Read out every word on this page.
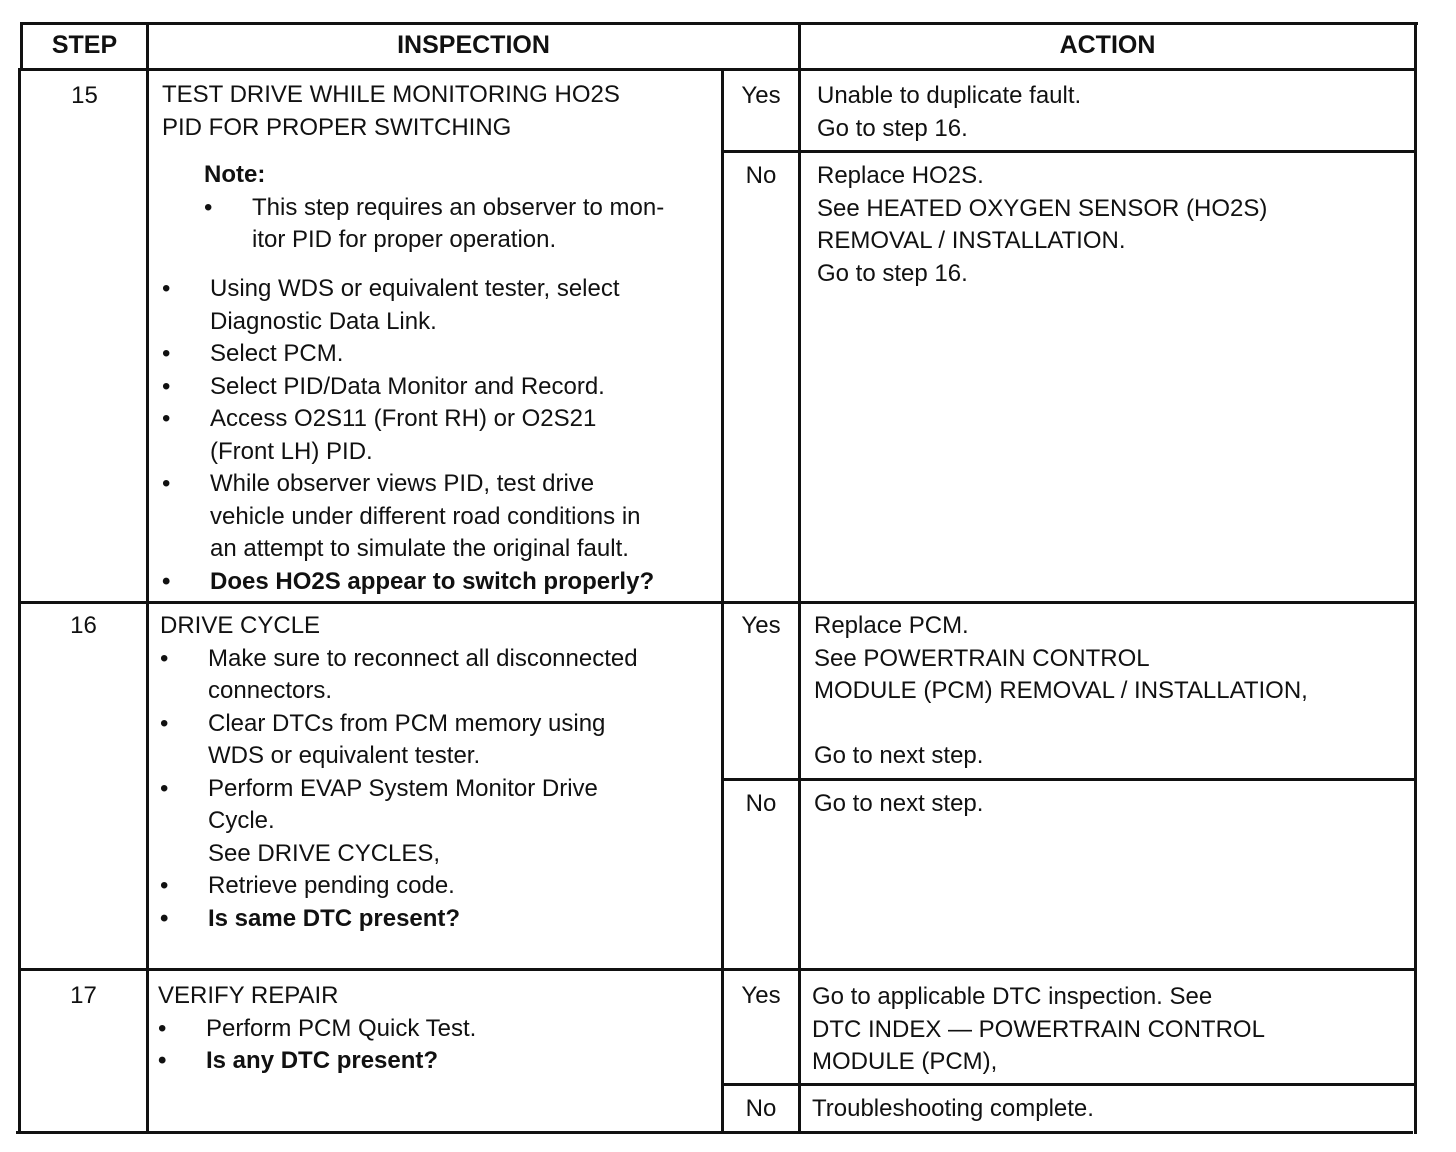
STEP	INSPECTION	ACTION
15	TEST DRIVE WHILE MONITORING HO2S
PID FOR PROPER SWITCHING
Note:
• This step requires an observer to mon-
itor PID for proper operation.
• Using WDS or equivalent tester, select
Diagnostic Data Link.
• Select PCM.
• Select PID/Data Monitor and Record.
• Access O2S11 (Front RH) or O2S21
(Front LH) PID.
• While observer views PID, test drive
vehicle under different road conditions in
an attempt to simulate the original fault.
• Does HO2S appear to switch properly?
Yes	Unable to duplicate fault.
Go to step 16.
No	Replace HO2S.
See HEATED OXYGEN SENSOR (HO2S)
REMOVAL / INSTALLATION.
Go to step 16.
16	DRIVE CYCLE
• Make sure to reconnect all disconnected
connectors.
• Clear DTCs from PCM memory using
WDS or equivalent tester.
• Perform EVAP System Monitor Drive
Cycle.
See DRIVE CYCLES,

• Retrieve pending code.
• Is same DTC present?
Yes	Replace PCM.
See POWERTRAIN CONTROL
MODULE (PCM) REMOVAL / INSTALLATION,

Go to next step.
No	Go to next step.
17	VERIFY REPAIR
• Perform PCM Quick Test.
• Is any DTC present?
Yes	Go to applicable DTC inspection. See
DTC INDEX — POWERTRAIN CONTROL
MODULE (PCM),
No	Troubleshooting complete.
